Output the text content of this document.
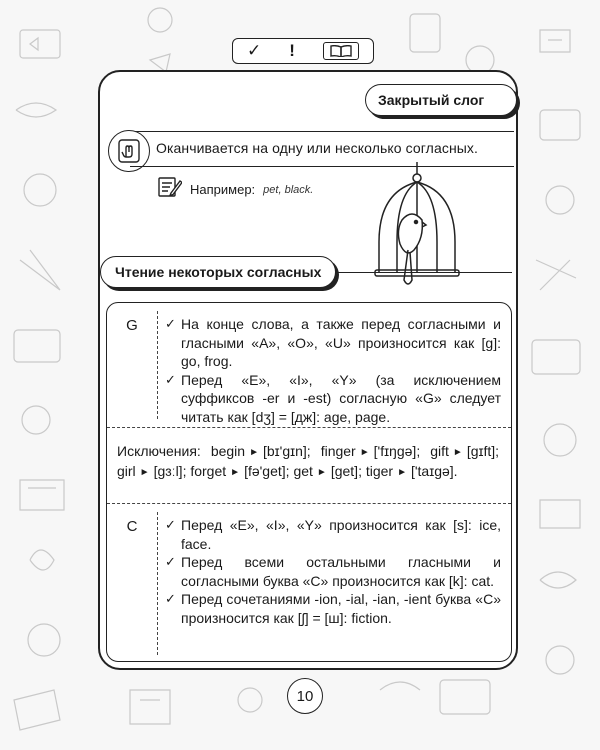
✓ !
Закрытый слог
Оканчивается на одну или несколько согласных.
Например: pet, black.
Чтение некоторых согласных
G	✓ На конце слова, а также перед согласными и гласными «A», «O», «U» произносится как [g]: go, frog.
✓ Перед «E», «I», «Y» (за исключением суффиксов -er и -est) согласную «G» следует читать как [dʒ] = [дж]: age, page.
Исключения: begin ► [bɪ'gɪn]; finger ► ['fɪŋgə]; gift ► [gɪft]; girl ► [gɜːl]; forget ► [fə'get]; get ► [get]; tiger ► ['taɪgə].
C	✓ Перед «E», «I», «Y» произносится как [s]: ice, face.
✓ Перед всеми остальными гласными и согласными буква «C» произносится как [k]: cat.
✓ Перед сочетаниями -ion, -ial, -ian, -ient буква «C» произносится как [ʃ] = [ш]: fiction.
10
